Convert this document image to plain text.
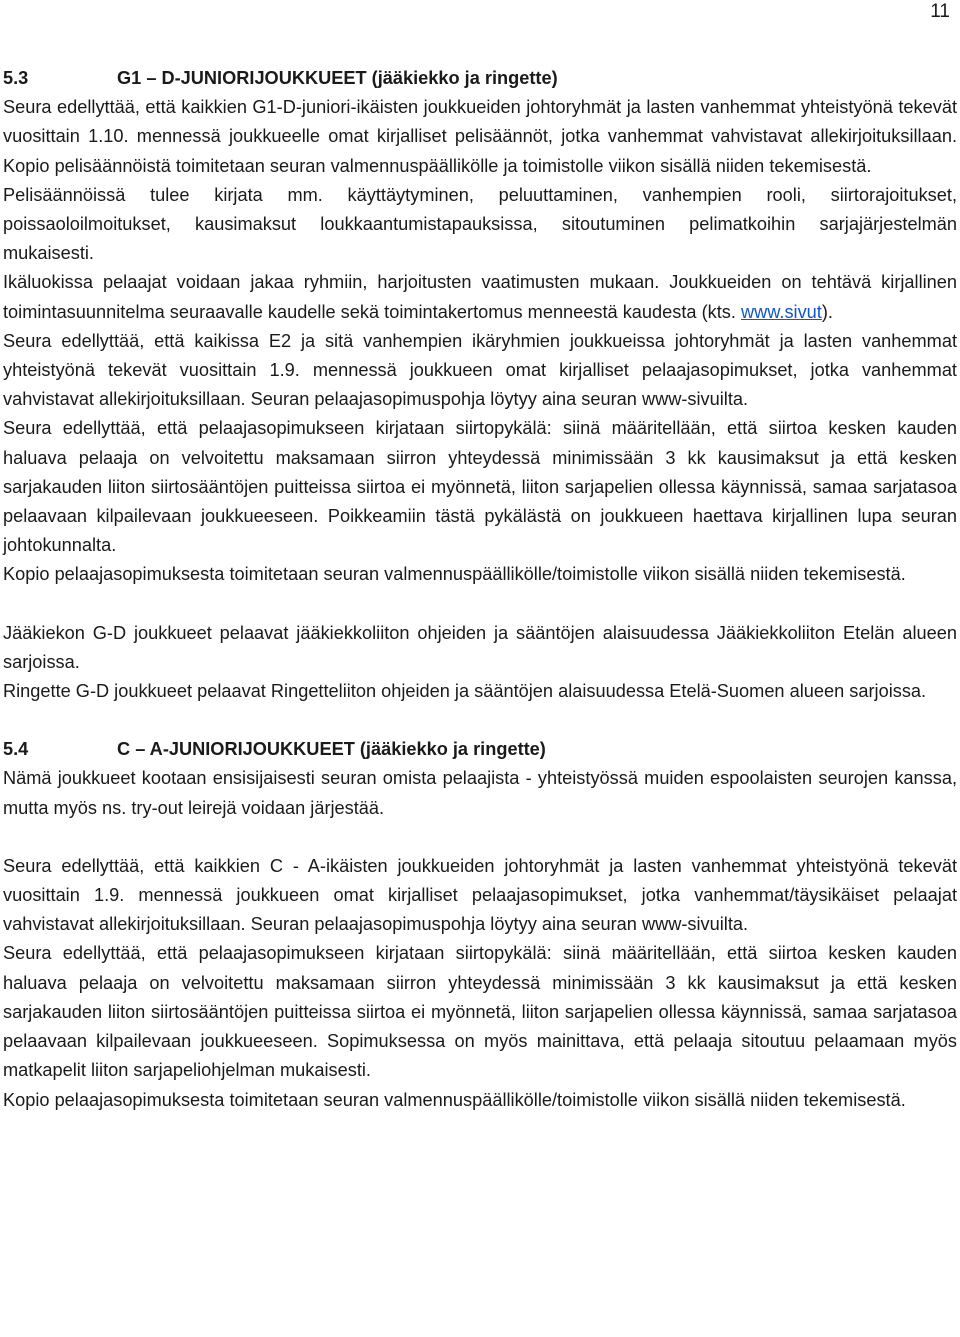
11

5.3	G1 – D-JUNIORIJOUKKUEET (jääkiekko ja ringette)

Seura edellyttää, että kaikkien G1-D-juniori-ikäisten joukkueiden johtoryhmät ja lasten vanhemmat yhteistyönä tekevät vuosittain 1.10. mennessä joukkueelle omat kirjalliset pelisäännöt, jotka vanhemmat vahvistavat allekirjoituksillaan. Kopio pelisäännöistä toimitetaan seuran valmennuspäällikölle ja toimistolle viikon sisällä niiden tekemisestä.

Pelisäännöissä tulee kirjata mm. käyttäytyminen, peluuttaminen, vanhempien rooli, siirtorajoitukset, poissaoloilmoitukset, kausimaksut loukkaantumistapauksissa, sitoutuminen pelimatkoihin sarjajärjestelmän mukaisesti.

Ikäluokissa pelaajat voidaan jakaa ryhmiin, harjoitusten vaatimusten mukaan. Joukkueiden on tehtävä kirjallinen toimintasuunnitelma seuraavalle kaudelle sekä toimintakertomus menneestä kaudesta (kts. www.sivut).

Seura edellyttää, että kaikissa E2 ja sitä vanhempien ikäryhmien joukkueissa johtoryhmät ja lasten vanhemmat yhteistyönä tekevät vuosittain 1.9. mennessä joukkueen omat kirjalliset pelaajasopimukset, jotka vanhemmat vahvistavat allekirjoituksillaan. Seuran pelaajasopimuspohja löytyy aina seuran www-sivuilta.

Seura edellyttää, että pelaajasopimukseen kirjataan siirtopykälä: siinä määritellään, että siirtoa kesken kauden haluava pelaaja on velvoitettu maksamaan siirron yhteydessä minimissään 3 kk kausimaksut ja että kesken sarjakauden liiton siirtosääntöjen puitteissa siirtoa ei myönnetä, liiton sarjapelien ollessa käynnissä, samaa sarjatasoa pelaavaan kilpailevaan joukkueeseen. Poikkeamiin tästä pykälästä on joukkueen haettava kirjallinen lupa seuran johtokunnalta.

Kopio pelaajasopimuksesta toimitetaan seuran valmennuspäällikölle/toimistolle viikon sisällä niiden tekemisestä.

Jääkiekon G-D joukkueet pelaavat jääkiekkoliiton ohjeiden ja sääntöjen alaisuudessa Jääkiekkoliiton Etelän alueen sarjoissa.

Ringette G-D joukkueet pelaavat Ringetteliiton ohjeiden ja sääntöjen alaisuudessa Etelä-Suomen alueen sarjoissa.

5.4	C – A-JUNIORIJOUKKUEET (jääkiekko ja ringette)

Nämä joukkueet kootaan ensisijaisesti seuran omista pelaajista - yhteistyössä muiden espoolaisten seurojen kanssa, mutta myös ns. try-out leirejä voidaan järjestää.

Seura edellyttää, että kaikkien C - A-ikäisten joukkueiden johtoryhmät ja lasten vanhemmat yhteistyönä tekevät vuosittain 1.9. mennessä joukkueen omat kirjalliset pelaajasopimukset, jotka vanhemmat/täysikäiset pelaajat vahvistavat allekirjoituksillaan. Seuran pelaajasopimuspohja löytyy aina seuran www-sivuilta.

Seura edellyttää, että pelaajasopimukseen kirjataan siirtopykälä: siinä määritellään, että siirtoa kesken kauden haluava pelaaja on velvoitettu maksamaan siirron yhteydessä minimissään 3 kk kausimaksut ja että kesken sarjakauden liiton siirtosääntöjen puitteissa siirtoa ei myönnetä, liiton sarjapelien ollessa käynnissä, samaa sarjatasoa pelaavaan kilpailevaan joukkueeseen. Sopimuksessa on myös mainittava, että pelaaja sitoutuu pelaamaan myös matkapelit liiton sarjapeliohjelman mukaisesti.

Kopio pelaajasopimuksesta toimitetaan seuran valmennuspäällikölle/toimistolle viikon sisällä niiden tekemisestä.
